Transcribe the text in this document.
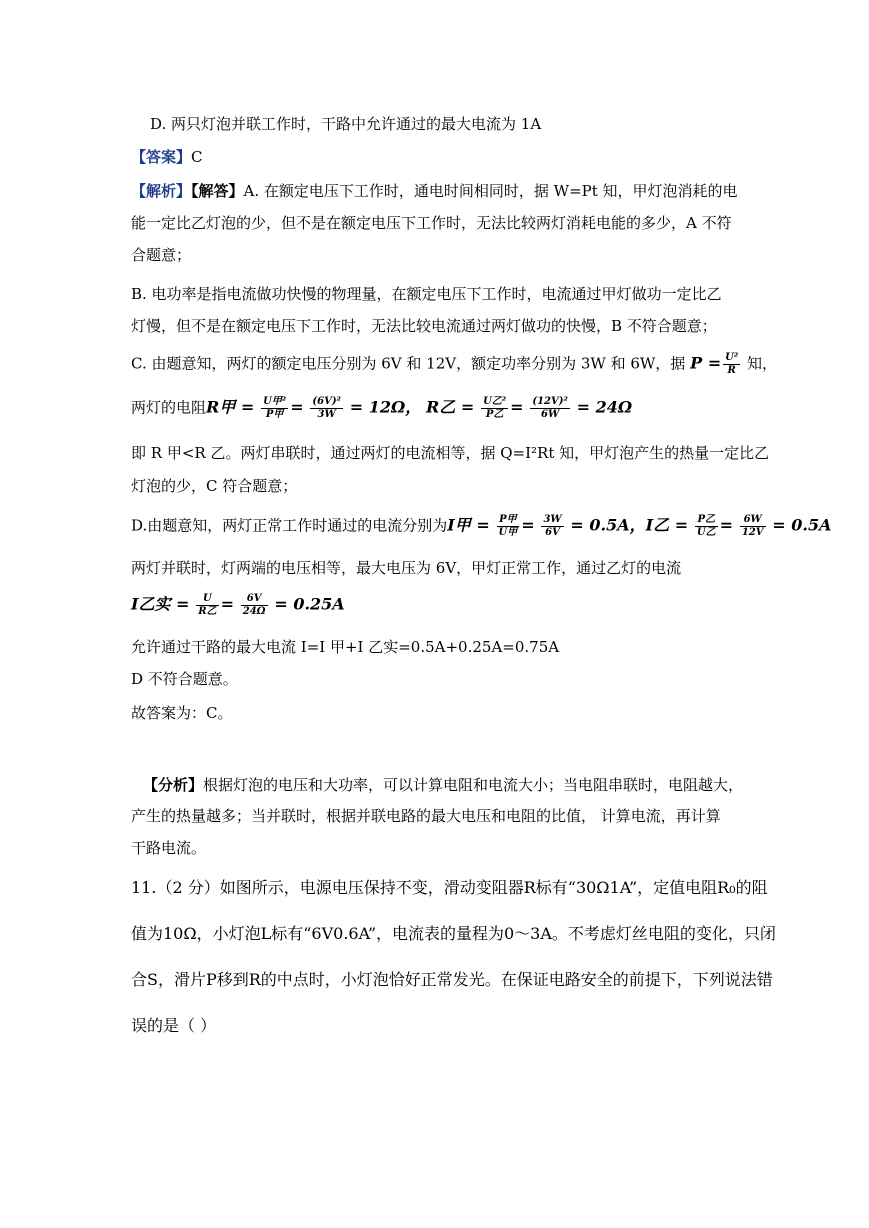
D. 两只灯泡并联工作时，干路中允许通过的最大电流为 1A
【答案】C
【解析】【解答】A. 在额定电压下工作时，通电时间相同时，据 W=Pt 知，甲灯泡消耗的电
能一定比乙灯泡的少，但不是在额定电压下工作时，无法比较两灯消耗电能的多少，A 不符
合题意；
B. 电功率是指电流做功快慢的物理量，在额定电压下工作时，电流通过甲灯做功一定比乙
灯慢，但不是在额定电压下工作时，无法比较电流通过两灯做功的快慢，B 不符合题意；
C. 由题意知，两灯的额定电压分别为 6V 和 12V，额定功率分别为 3W 和 6W，据 $P = \frac{\text{U²}}{R}$ 知，
两灯的电阻R甲 = $\frac{\text{U甲²}}{\text{P甲}} = \frac{\text{(6V)²}}{3W} = 12\Omega$， R乙 = $\frac{\text{U乙²}}{\text{P乙}} = \frac{\text{(12V)²}}{6W} = 24\Omega$
即 R 甲<R 乙。两灯串联时，通过两灯的电流相等，据 Q=I²Rt 知，甲灯泡产生的热量一定比乙
灯泡的少，C 符合题意；
D.由题意知，两灯正常工作时通过的电流分别为I甲 = $\frac{\text{P甲}}{\text{U甲}} = \frac{3W}{6V} = 0.5A$，I乙 = $\frac{\text{P乙}}{\text{U乙}} = \frac{6W}{12V} = 0.5A$
两灯并联时，灯两端的电压相等，最大电压为 6V，甲灯正常工作，通过乙灯的电流
I乙实 = $\frac{U}{\text{R乙}} = \frac{6V}{24\Omega} = 0.25A$
允许通过干路的最大电流 I=I 甲+I 乙实=0.5A+0.25A=0.75A
D 不符合题意。
故答案为：C。
【分析】根据灯泡的电压和大功率，可以计算电阻和电流大小；当电阻串联时，电阻越大，
产生的热量越多；当并联时，根据并联电路的最大电压和电阻的比值， 计算电流，再计算
干路电流。
11.（2 分）如图所示，电源电压保持不变，滑动变阻器R标有“30Ω1A”，定值电阻R₀的阻
值为10Ω，小灯泡L标有“6V0.6A”，电流表的量程为0～3A。不考虑灯丝电阻的变化，只闭
合S，滑片P移到R的中点时，小灯泡恰好正常发光。在保证电路安全的前提下，下列说法错
误的是（ ）
